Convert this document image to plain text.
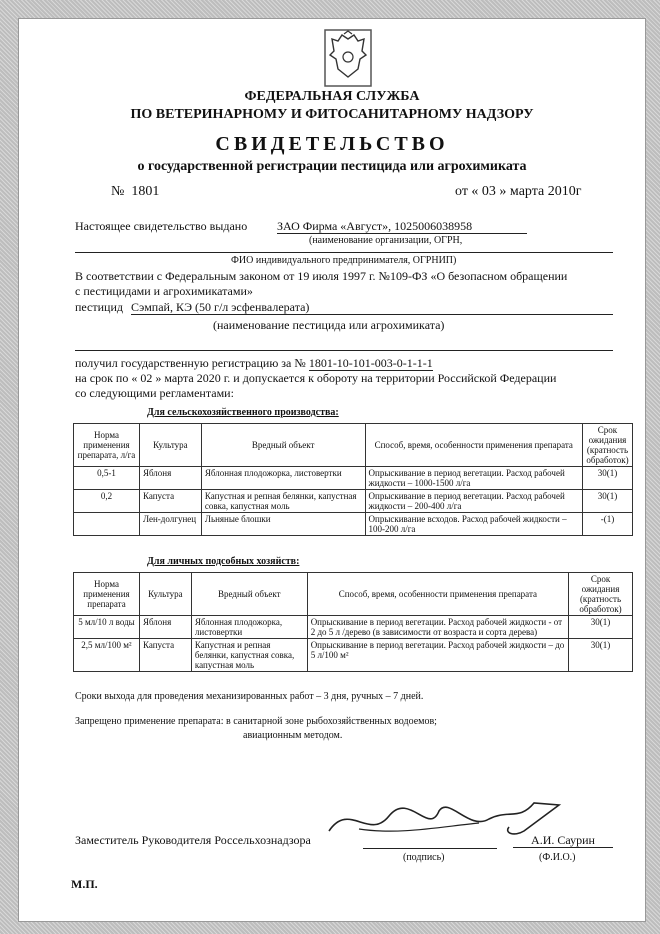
ФЕДЕРАЛЬНАЯ СЛУЖБА
ПО ВЕТЕРИНАРНОМУ И ФИТОСАНИТАРНОМУ НАДЗОРУ
СВИДЕТЕЛЬСТВО
о государственной регистрации пестицида или агрохимиката
№ 1801	от « 03 » марта 2010г
Настоящее свидетельство выдано ЗАО Фирма «Август», 1025006038958
(наименование организации, ОГРН,
ФИО индивидуального предпринимателя, ОГРНИП)
В соответствии с Федеральным законом от 19 июля 1997 г. №109-ФЗ «О безопасном обращении
с пестицидами и агрохимикатами»
пестицид Сэмпай, КЭ (50 г/л эсфенвалерата)
(наименование пестицида или агрохимиката)
получил государственную регистрацию за № 1801-10-101-003-0-1-1-1
на срок по « 02 » марта 2020 г. и допускается к обороту на территории Российской Федерации
со следующими регламентами:
Для сельскохозяйственного производства:
Норма применения препарата, л/га	Культура	Вредный объект	Способ, время, особенности применения препарата	Срок ожидания (кратность обработок)
0,5-1	Яблоня	Яблонная плодожорка, листовертки	Опрыскивание в период вегетации. Расход рабочей жидкости – 1000-1500 л/га	30(1)
0,2	Капуста	Капустная и репная белянки, капустная совка, капустная моль	Опрыскивание в период вегетации. Расход рабочей жидкости – 200-400 л/га	30(1)
	Лен-долгунец	Льняные блошки	Опрыскивание всходов. Расход рабочей жидкости – 100-200 л/га	-(1)
Для личных подсобных хозяйств:
Норма применения препарата	Культура	Вредный объект	Способ, время, особенности применения препарата	Срок ожидания (кратность обработок)
5 мл/10 л воды	Яблоня	Яблонная плодожорка, листовертки	Опрыскивание в период вегетации. Расход рабочей жидкости - от 2 до 5 л /дерево (в зависимости от возраста и сорта дерева)	30(1)
2,5 мл/100 м²	Капуста	Капустная и репная белянки, капустная совка, капустная моль	Опрыскивание в период вегетации. Расход рабочей жидкости – до 5 л/100 м²	30(1)
Сроки выхода для проведения механизированных работ – 3 дня, ручных – 7 дней.
Запрещено применение препарата: в санитарной зоне рыбохозяйственных водоемов;
авиационным методом.
Заместитель Руководителя Россельхознадзора
(подпись)
А.И. Саурин
(Ф.И.О.)
М.П.
